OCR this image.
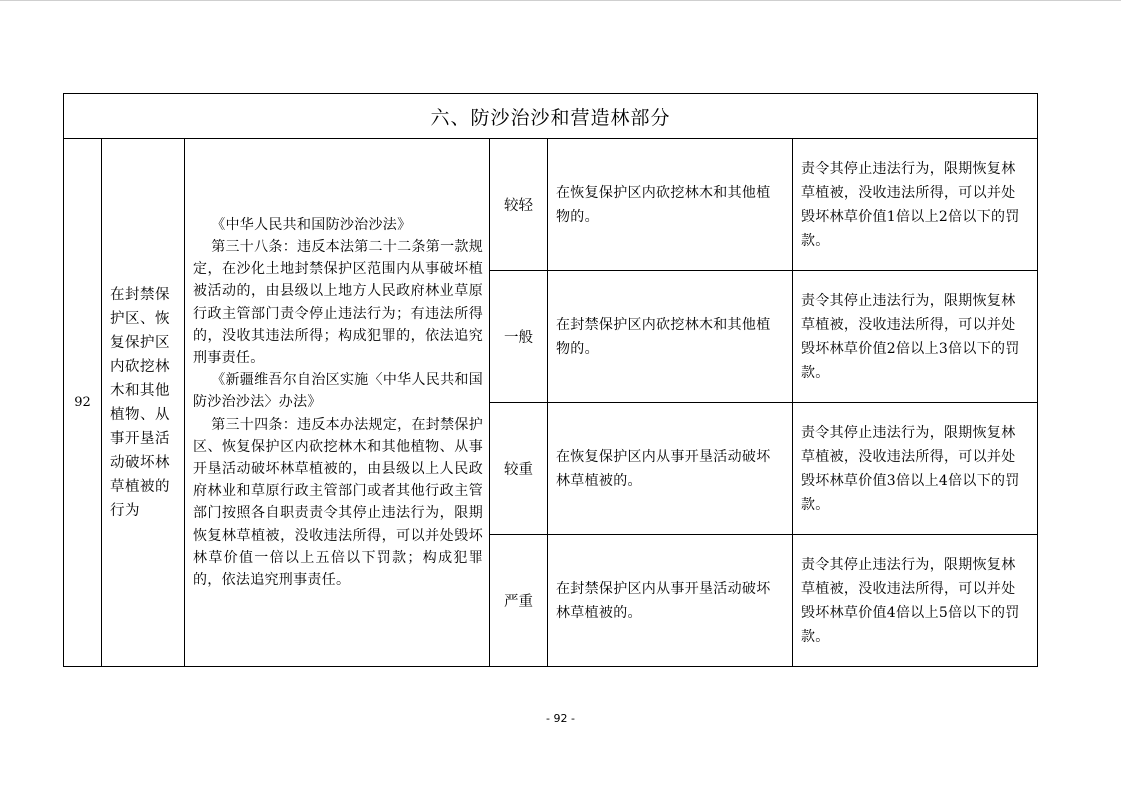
六、防沙治沙和营造林部分					
92	在封禁保护区、恢复保护区内砍挖林木和其他植物、从事开垦活动破坏林草植被的行为	《中华人民共和国防沙治沙法》
第三十八条：违反本法第二十二条第一款规定，在沙化土地封禁保护区范围内从事破坏植被活动的，由县级以上地方人民政府林业草原行政主管部门责令停止违法行为；有违法所得的，没收其违法所得；构成犯罪的，依法追究刑事责任。
《新疆维吾尔自治区实施〈中华人民共和国防沙治沙法〉办法》
第三十四条：违反本办法规定，在封禁保护区、恢复保护区内砍挖林木和其他植物、从事开垦活动破坏林草植被的，由县级以上人民政府林业和草原行政主管部门或者其他行政主管部门按照各自职责责令其停止违法行为，限期恢复林草植被，没收违法所得，可以并处毁坏林草价值一倍以上五倍以下罚款；构成犯罪的，依法追究刑事责任。	较轻	在恢复保护区内砍挖林木和其他植物的。	责令其停止违法行为，限期恢复林草植被，没收违法所得，可以并处毁坏林草价值1倍以上2倍以下的罚款。
			一般	在封禁保护区内砍挖林木和其他植物的。	责令其停止违法行为，限期恢复林草植被，没收违法所得，可以并处毁坏林草价值2倍以上3倍以下的罚款。
			较重	在恢复保护区内从事开垦活动破坏林草植被的。	责令其停止违法行为，限期恢复林草植被，没收违法所得，可以并处毁坏林草价值3倍以上4倍以下的罚款。
			严重	在封禁保护区内从事开垦活动破坏林草植被的。	责令其停止违法行为，限期恢复林草植被，没收违法所得，可以并处毁坏林草价值4倍以上5倍以下的罚款。
- 92 -
